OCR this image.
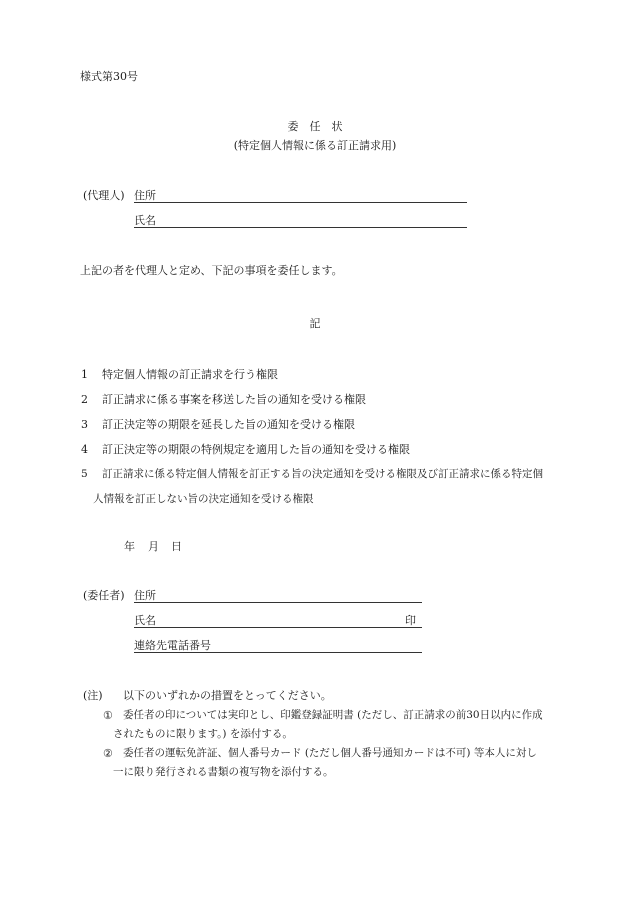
様式第30号
委　任　状
(特定個人情報に係る訂正請求用)
(代理人) 住所
氏名
上記の者を代理人と定め、下記の事項を委任します。
記
1 特定個人情報の訂正請求を行う権限
2 訂正請求に係る事案を移送した旨の通知を受ける権限
3 訂正決定等の期限を延長した旨の通知を受ける権限
4 訂正決定等の期限の特例規定を適用した旨の通知を受ける権限
5 訂正請求に係る特定個人情報を訂正する旨の決定通知を受ける権限及び訂正請求に係る特定個
人情報を訂正しない旨の決定通知を受ける権限
年 月 日
(委任者) 住所
氏名	印
連絡先電話番号
(注) 以下のいずれかの措置をとってください。
① 委任者の印については実印とし、印鑑登録証明書 (ただし、訂正請求の前30日以内に作成
されたものに限ります。) を添付する。
② 委任者の運転免許証、個人番号カード (ただし個人番号通知カードは不可) 等本人に対し
一に限り発行される書類の複写物を添付する。
